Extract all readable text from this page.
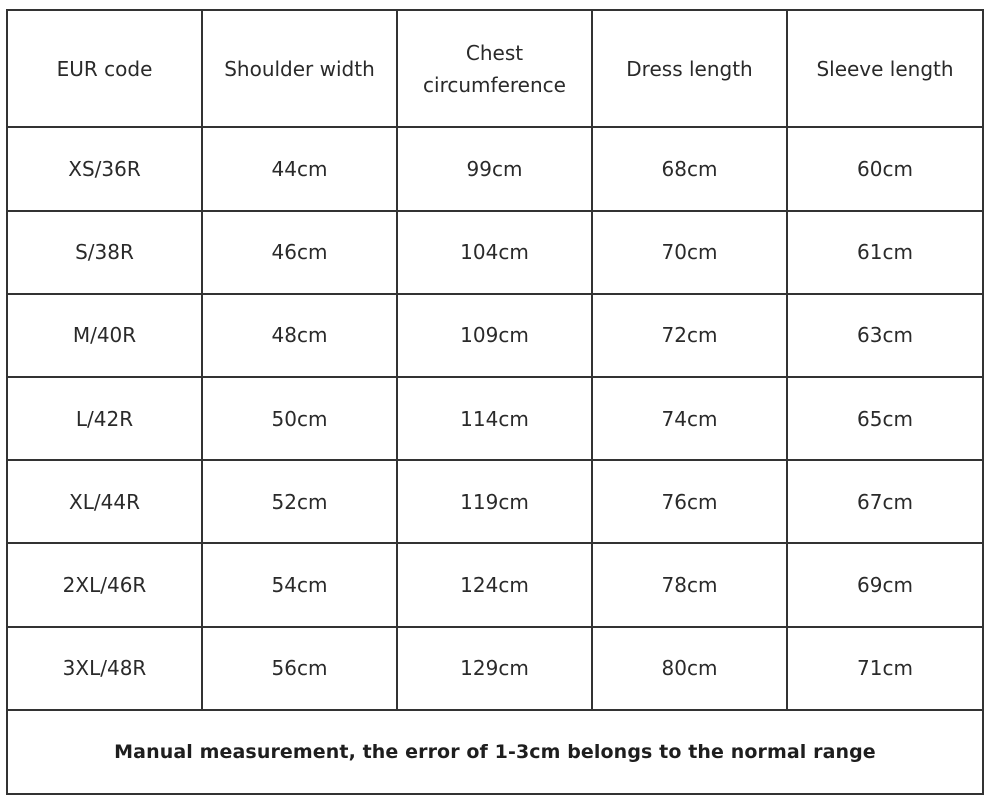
EUR code	Shoulder width	Chest circumference	Dress length	Sleeve length
XS/36R	44cm	99cm	68cm	60cm
S/38R	46cm	104cm	70cm	61cm
M/40R	48cm	109cm	72cm	63cm
L/42R	50cm	114cm	74cm	65cm
XL/44R	52cm	119cm	76cm	67cm
2XL/46R	54cm	124cm	78cm	69cm
3XL/48R	56cm	129cm	80cm	71cm
Manual measurement, the error of 1-3cm belongs to the normal range				
